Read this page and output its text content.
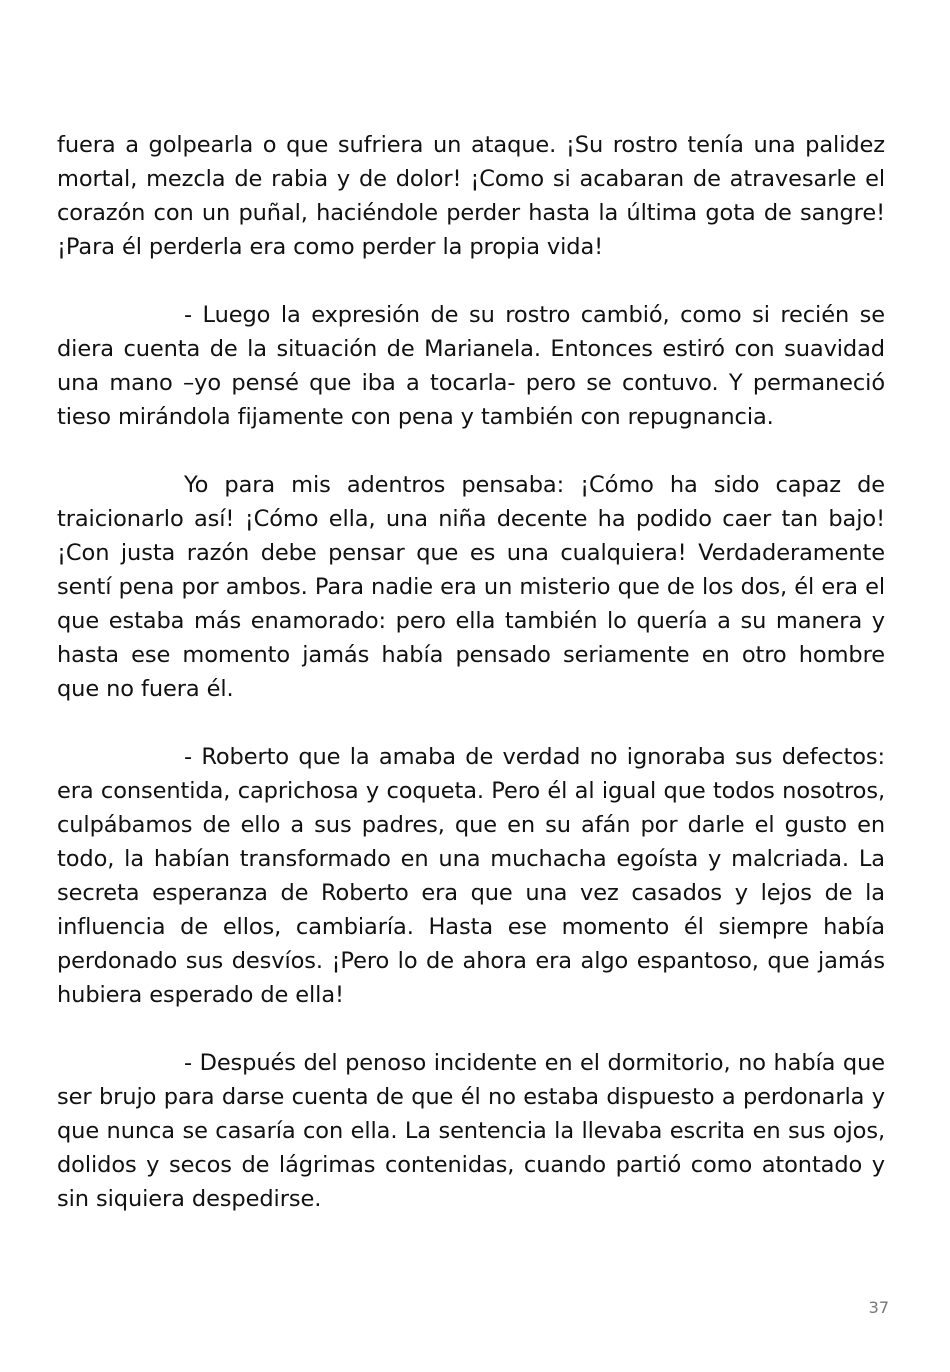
fuera a golpearla o que sufriera un ataque. ¡Su rostro tenía una palidez mortal, mezcla de rabia y de dolor! ¡Como si acabaran de atravesarle el corazón con un puñal, haciéndole perder hasta la última gota de sangre! ¡Para él perderla era como perder la propia vida!

- Luego la expresión de su rostro cambió, como si recién se diera cuenta de la situación de Marianela. Entonces estiró con suavidad una mano –yo pensé que iba a tocarla- pero se contuvo. Y permaneció tieso mirándola fijamente con pena y también con repugnancia.

Yo para mis adentros pensaba: ¡Cómo ha sido capaz de traicionarlo así! ¡Cómo ella, una niña decente ha podido caer tan bajo! ¡Con justa razón debe pensar que es una cualquiera! Verdaderamente sentí pena por ambos. Para nadie era un misterio que de los dos, él era el que estaba más enamorado: pero ella también lo quería a su manera y hasta ese momento jamás había pensado seriamente en otro hombre que no fuera él.

- Roberto que la amaba de verdad no ignoraba sus defectos: era consentida, caprichosa y coqueta. Pero él al igual que todos nosotros, culpábamos de ello a sus padres, que en su afán por darle el gusto en todo, la habían transformado en una muchacha egoísta y malcriada. La secreta esperanza de Roberto era que una vez casados y lejos de la influencia de ellos, cambiaría. Hasta ese momento él siempre había perdonado sus desvíos. ¡Pero lo de ahora era algo espantoso, que jamás hubiera esperado de ella!

- Después del penoso incidente en el dormitorio, no había que ser brujo para darse cuenta de que él no estaba dispuesto a perdonarla y que nunca se casaría con ella. La sentencia la llevaba escrita en sus ojos, dolidos y secos de lágrimas contenidas, cuando partió como atontado y sin siquiera despedirse.

37
